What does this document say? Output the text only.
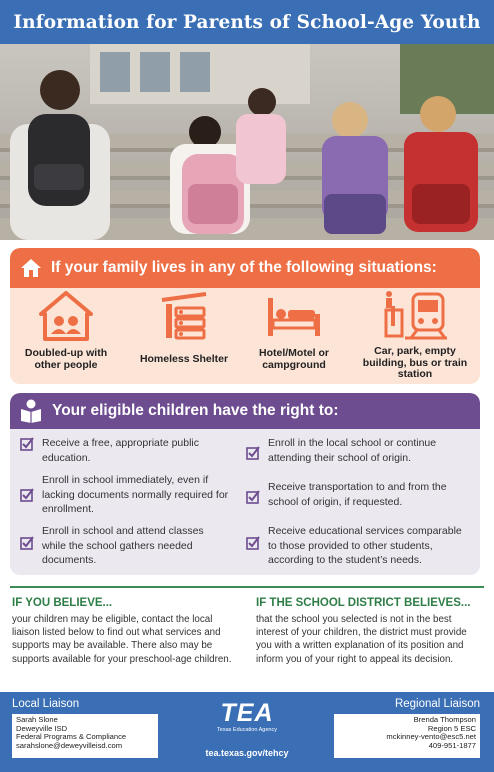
Information for Parents of School-Age Youth
If your family lives in any of the following situations:
Doubled-up with other people	Homeless Shelter	Hotel/Motel or campground
Car, park, empty building, bus or train station
Your eligible children have the right to:
Receive a free, appropriate public education.
Enroll in school immediately, even if lacking documents normally required for enrollment.
Enroll in school and attend classes while the school gathers needed documents.
Enroll in the local school or continue attending their school of origin.
Receive transportation to and from the school of origin, if requested.
Receive educational services comparable to those provided to other students, according to the student’s needs.
IF YOU BELIEVE...
your children may be eligible, contact the local liaison listed below to find out what services and supports may be available. There also may be supports available for your preschool-age children.
IF THE SCHOOL DISTRICT BELIEVES...
that the school you selected is not in the best interest of your children, the district must provide you with a written explanation of its position and inform you of your right to appeal its decision.
Local Liaison
Sarah Slone
Deweyville ISD
Federal Programs & Compliance
sarahslone@deweyvilleisd.com
TEA
Texas Education Agency
tea.texas.gov/tehcy
Regional Liaison
Brenda Thompson
Region 5 ESC
mckinney-vento@esc5.net
409-951-1877
